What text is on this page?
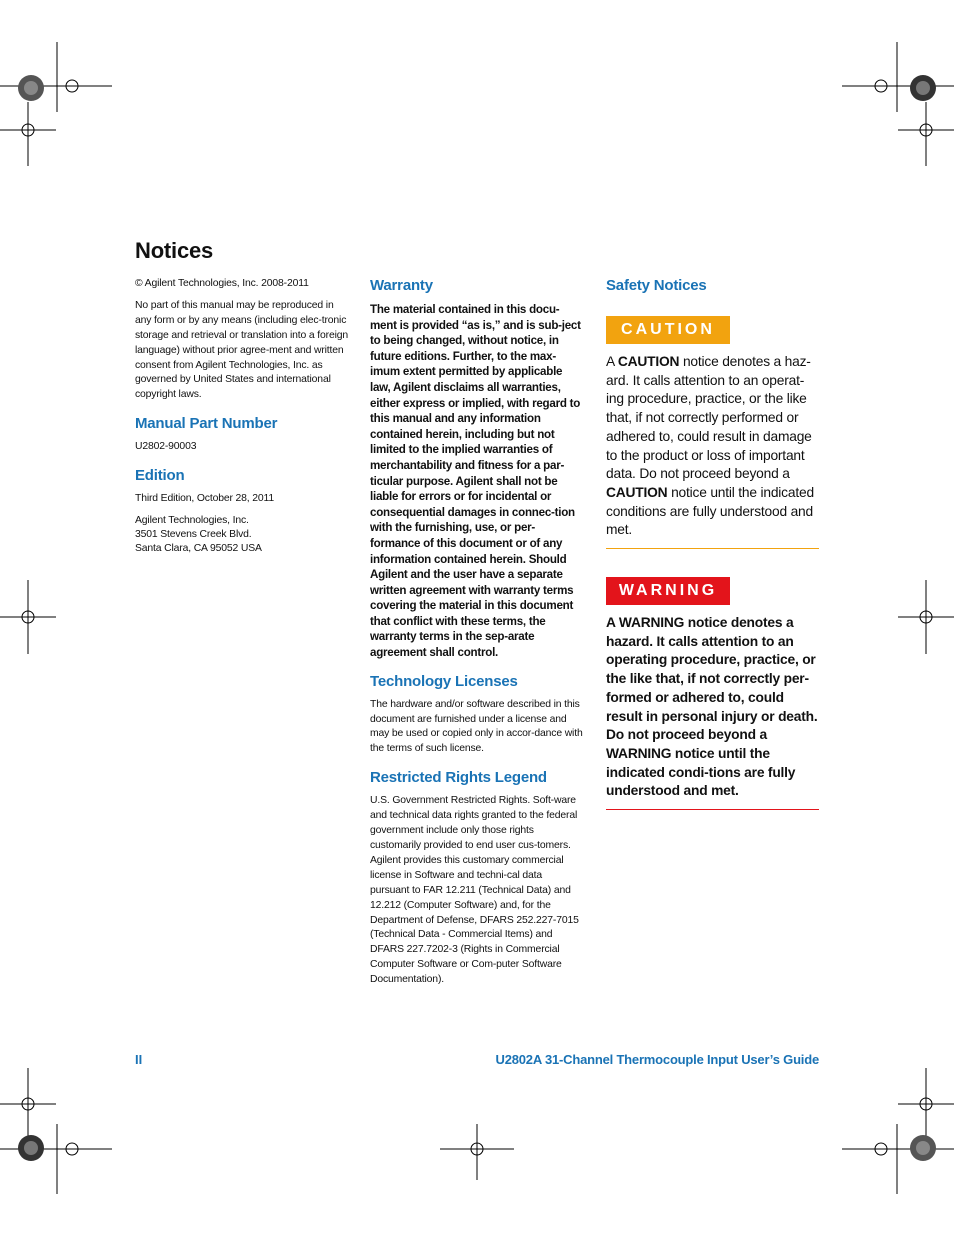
Notices

© Agilent Technologies, Inc. 2008-2011

No part of this manual may be reproduced in any form or by any means (including elec-tronic storage and retrieval or translation into a foreign language) without prior agree-ment and written consent from Agilent Technologies, Inc. as governed by United States and international copyright laws.

Manual Part Number

U2802-90003

Edition

Third Edition, October 28, 2011

Agilent Technologies, Inc.
3501 Stevens Creek Blvd.
Santa Clara, CA 95052 USA

Warranty

The material contained in this docu-ment is provided “as is,” and is sub-ject to being changed, without notice, in future editions. Further, to the max-imum extent permitted by applicable law, Agilent disclaims all warranties, either express or implied, with regard to this manual and any information contained herein, including but not limited to the implied warranties of merchantability and fitness for a par-ticular purpose. Agilent shall not be liable for errors or for incidental or consequential damages in connec-tion with the furnishing, use, or per-formance of this document or of any information contained herein. Should Agilent and the user have a separate written agreement with warranty terms covering the material in this document that conflict with these terms, the warranty terms in the sep-arate agreement shall control.

Technology Licenses

The hardware and/or software described in this document are furnished under a license and may be used or copied only in accor-dance with the terms of such license.

Restricted Rights Legend

U.S. Government Restricted Rights. Soft-ware and technical data rights granted to the federal government include only those rights customarily provided to end user cus-tomers. Agilent provides this customary commercial license in Software and techni-cal data pursuant to FAR 12.211 (Technical Data) and 12.212 (Computer Software) and, for the Department of Defense, DFARS 252.227-7015 (Technical Data - Commercial Items) and DFARS 227.7202-3 (Rights in Commercial Computer Software or Com-puter Software Documentation).

Safety Notices
CAUTION

A CAUTION notice denotes a haz-ard. It calls attention to an operat-ing procedure, practice, or the like that, if not correctly performed or adhered to, could result in damage to the product or loss of important data. Do not proceed beyond a CAUTION notice until the indicated conditions are fully understood and met.

WARNING

A WARNING notice denotes a hazard. It calls attention to an operating procedure, practice, or the like that, if not correctly per-formed or adhered to, could result in personal injury or death. Do not proceed beyond a WARNING notice until the indicated condi-tions are fully understood and met.

II	U2802A 31-Channel Thermocouple Input User’s Guide
